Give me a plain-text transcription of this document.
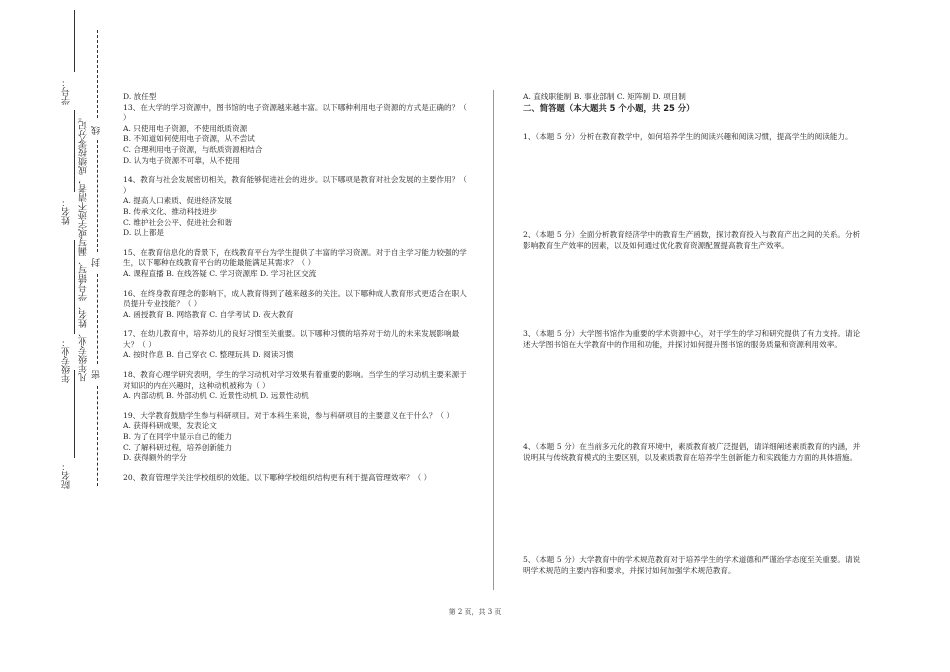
学号：
姓名：
年级专业：
院名：
凡年级专业、姓名、学号错写、漏写或字迹不清者，成绩按零分记。 密
封
线

D. 放任型

13、在大学的学习资源中，图书馆的电子资源越来越丰富。以下哪种利用电子资源的方式是正确的？（ ）

A. 只使用电子资源，不使用纸质资源

B. 不知道如何使用电子资源，从不尝试

C. 合理利用电子资源，与纸质资源相结合

D. 认为电子资源不可靠，从不使用

14、教育与社会发展密切相关，教育能够促进社会的进步。以下哪项是教育对社会发展的主要作用？（ ）

A. 提高人口素质、促进经济发展

B. 传承文化、推动科技进步

C. 维护社会公平、促进社会和谐

D. 以上都是

15、在教育信息化的背景下，在线教育平台为学生提供了丰富的学习资源。对于自主学习能力较强的学生，以下哪种在线教育平台的功能最能满足其需求？（ ）

A. 课程直播 B. 在线答疑 C. 学习资源库 D. 学习社区交流

16、在终身教育理念的影响下，成人教育得到了越来越多的关注。以下哪种成人教育形式更适合在职人员提升专业技能？（ ）

A. 函授教育 B. 网络教育 C. 自学考试 D. 夜大教育

17、在幼儿教育中，培养幼儿的良好习惯至关重要。以下哪种习惯的培养对于幼儿的未来发展影响最大？（ ）

A. 按时作息 B. 自己穿衣 C. 整理玩具 D. 阅读习惯

18、教育心理学研究表明，学生的学习动机对学习效果有着重要的影响。当学生的学习动机主要来源于对知识的内在兴趣时，这种动机被称为（ ）

A. 内部动机 B. 外部动机 C. 近景性动机 D. 远景性动机

19、大学教育鼓励学生参与科研项目。对于本科生来说，参与科研项目的主要意义在于什么？（ ）

A. 获得科研成果，发表论文

B. 为了在同学中显示自己的能力

C. 了解科研过程，培养创新能力

D. 获得额外的学分

20、教育管理学关注学校组织的效能。以下哪种学校组织结构更有利于提高管理效率？（ ）

A. 直线职能制 B. 事业部制 C. 矩阵制 D. 项目制

二、简答题（本大题共 5 个小题，共 25 分）

1、（本题 5 分）分析在教育教学中，如何培养学生的阅读兴趣和阅读习惯，提高学生的阅读能力。

2、（本题 5 分）全面分析教育经济学中的教育生产函数，探讨教育投入与教育产出之间的关系。分析影响教育生产效率的因素，以及如何通过优化教育资源配置提高教育生产效率。

3、（本题 5 分）大学图书馆作为重要的学术资源中心，对于学生的学习和研究提供了有力支持。请论述大学图书馆在大学教育中的作用和功能，并探讨如何提升图书馆的服务质量和资源利用效率。

4、（本题 5 分）在当前多元化的教育环境中，素质教育被广泛提倡，请详细阐述素质教育的内涵，并说明其与传统教育模式的主要区别，以及素质教育在培养学生创新能力和实践能力方面的具体措施。

5、（本题 5 分）大学教育中的学术规范教育对于培养学生的学术道德和严谨治学态度至关重要。请说明学术规范的主要内容和要求，并探讨如何加强学术规范教育。

第 2 页，共 3 页
